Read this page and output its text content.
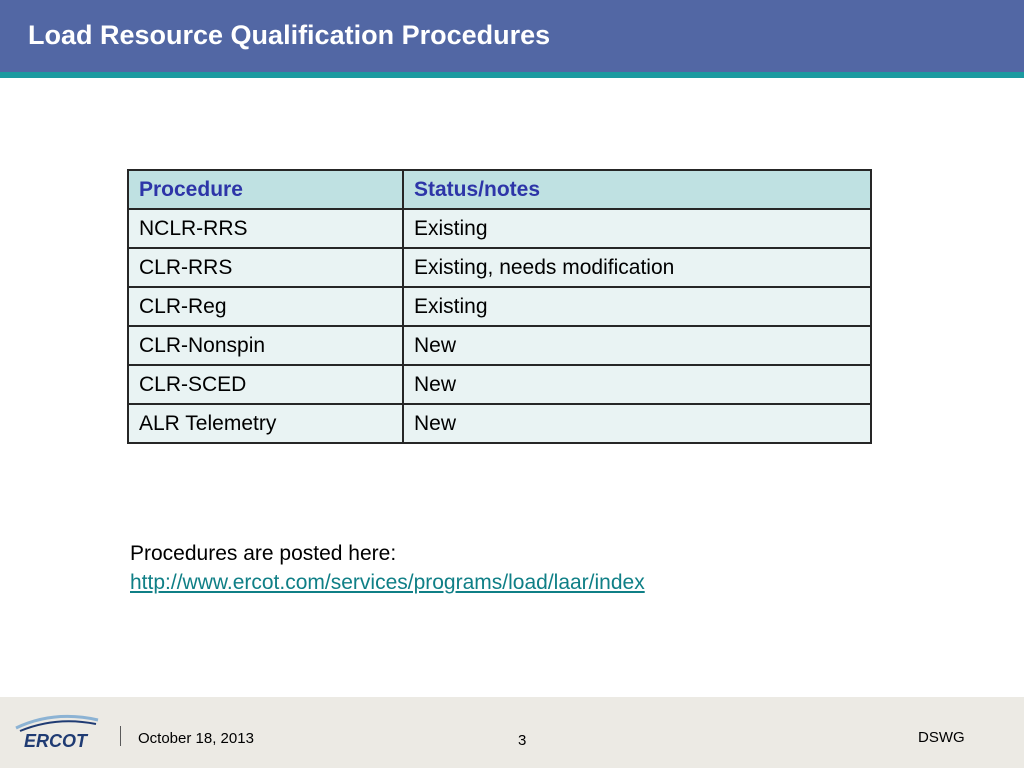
Load Resource Qualification Procedures
Procedure	Status/notes
NCLR-RRS	Existing
CLR-RRS	Existing, needs modification
CLR-Reg	Existing
CLR-Nonspin	New
CLR-SCED	New
ALR Telemetry	New
Procedures are posted here:
http://www.ercot.com/services/programs/load/laar/index
ERCOT	October 18, 2013	3	DSWG
